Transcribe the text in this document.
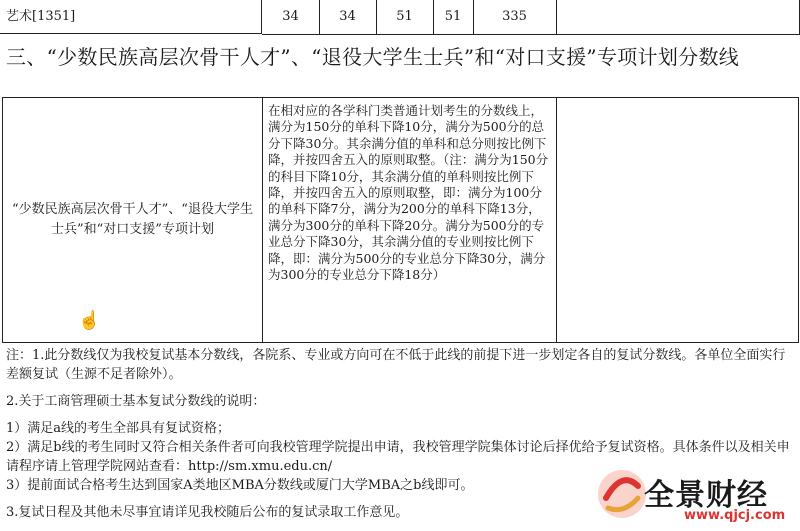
艺术[1351]	34	34	51	51	335
三、“少数民族高层次骨干人才”、“退役大学生士兵”和“对口支援”专项计划分数线
“少数民族高层次骨干人才”、“退役大学生士兵”和“对口支援”专项计划
在相对应的各学科门类普通计划考生的分数线上，满分为150分的单科下降10分，满分为500分的总分下降30分。其余满分值的单科和总分则按比例下降，并按四舍五入的原则取整。（注：满分为150分的科目下降10分，其余满分值的单科则按比例下降，并按四舍五入的原则取整，即：满分为100分的单科下降7分，满分为200分的单科下降13分，满分为300分的单科下降20分。满分为500分的专业总分下降30分，其余满分值的专业则按比例下降，即：满分为500分的专业总分下降30分，满分为300分的专业总分下降18分）
☝

注：1.此分数线仅为我校复试基本分数线，各院系、专业或方向可在不低于此线的前提下进一步划定各自的复试分数线。各单位全面实行差额复试（生源不足者除外）。

2.关于工商管理硕士基本复试分数线的说明：

1）满足a线的考生全部具有复试资格；

2）满足b线的考生同时又符合相关条件者可向我校管理学院提出申请，我校管理学院集体讨论后择优给予复试资格。具体条件以及相关申请程序请上管理学院网站查看：http://sm.xmu.edu.cn/

3）提前面试合格考生达到国家A类地区MBA分数线或厦门大学MBA之b线即可。

3.复试日程及其他未尽事宜请详见我校随后公布的复试录取工作意见。	全景财经
www.qjcj.com
